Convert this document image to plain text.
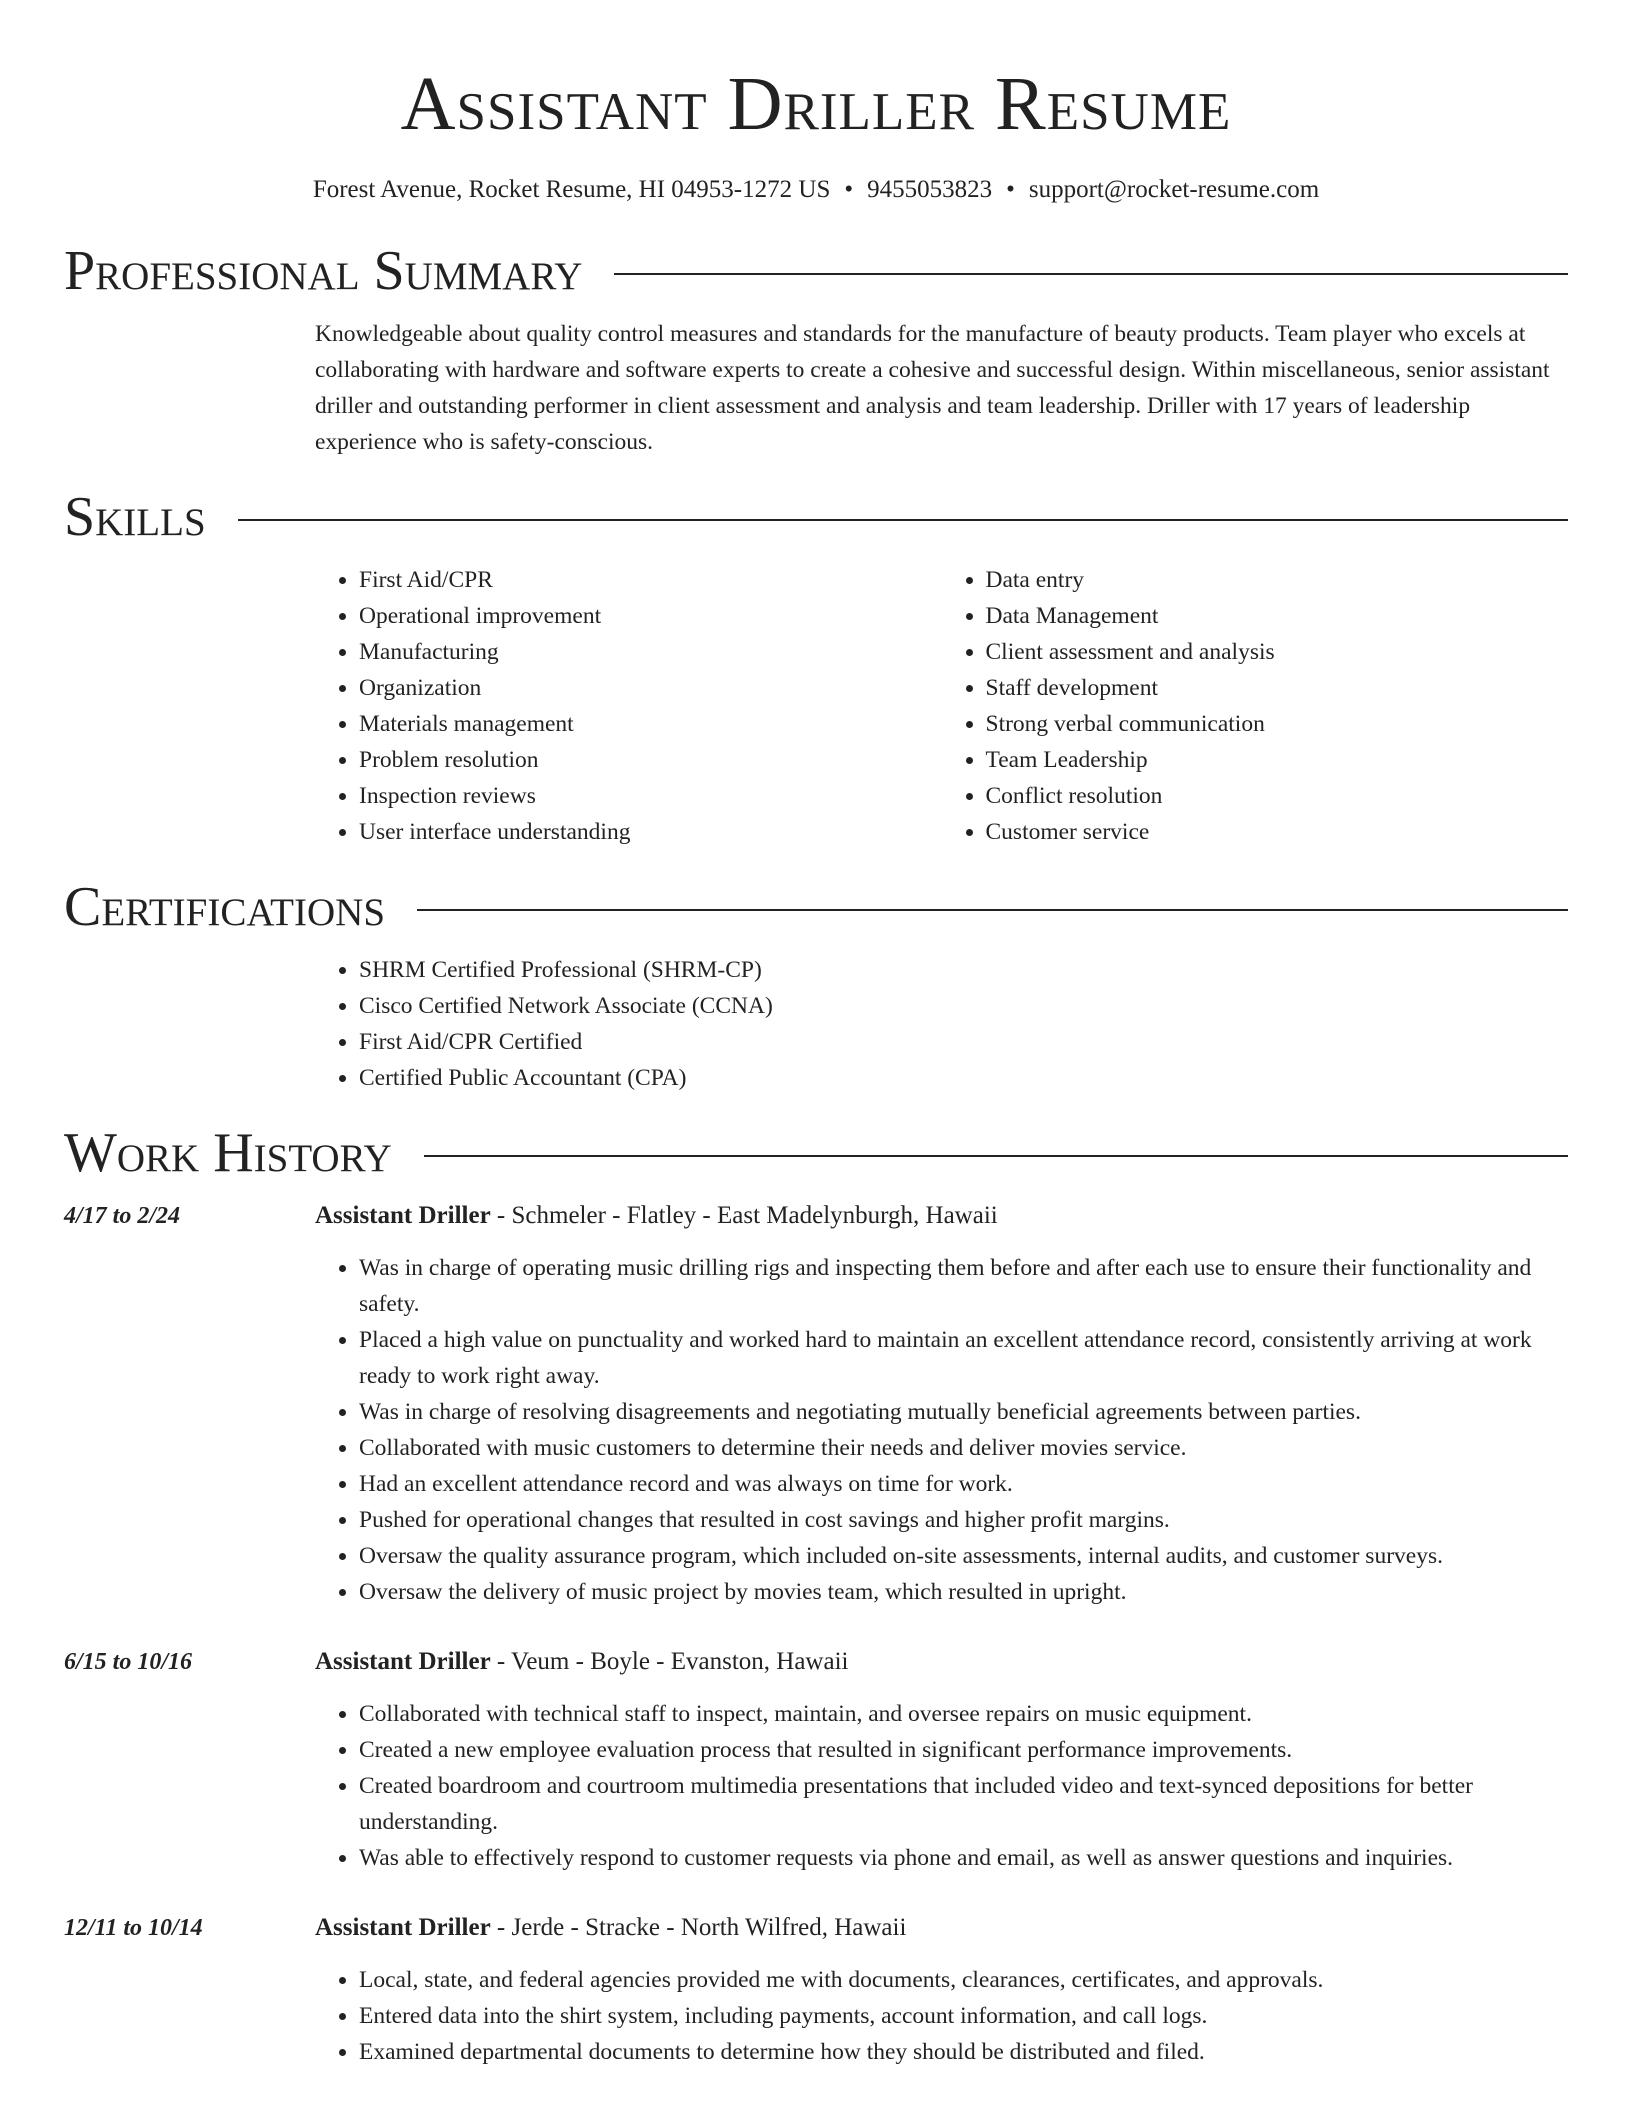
Assistant Driller Resume
Forest Avenue, Rocket Resume, HI 04953-1272 US • 9455053823 • support@rocket-resume.com
Professional Summary

Knowledgeable about quality control measures and standards for the manufacture of beauty products. Team player who excels at collaborating with hardware and software experts to create a cohesive and successful design. Within miscellaneous, senior assistant driller and outstanding performer in client assessment and analysis and team leadership. Driller with 17 years of leadership experience who is safety-conscious.

Skills
• First Aid/CPR
• Operational improvement
• Manufacturing
• Organization
• Materials management
• Problem resolution
• Inspection reviews
• User interface understanding
• Data entry
• Data Management
• Client assessment and analysis
• Staff development
• Strong verbal communication
• Team Leadership
• Conflict resolution
• Customer service
Certifications
• SHRM Certified Professional (SHRM-CP)
• Cisco Certified Network Associate (CCNA)
• First Aid/CPR Certified
• Certified Public Accountant (CPA)
Work History
4/17 to 2/24	Assistant Driller - Schmeler - Flatley - East Madelynburgh, Hawaii
• Was in charge of operating music drilling rigs and inspecting them before and after each use to ensure their functionality and safety.
• Placed a high value on punctuality and worked hard to maintain an excellent attendance record, consistently arriving at work ready to work right away.
• Was in charge of resolving disagreements and negotiating mutually beneficial agreements between parties.
• Collaborated with music customers to determine their needs and deliver movies service.
• Had an excellent attendance record and was always on time for work.
• Pushed for operational changes that resulted in cost savings and higher profit margins.
• Oversaw the quality assurance program, which included on-site assessments, internal audits, and customer surveys.
• Oversaw the delivery of music project by movies team, which resulted in upright.
6/15 to 10/16	Assistant Driller - Veum - Boyle - Evanston, Hawaii
• Collaborated with technical staff to inspect, maintain, and oversee repairs on music equipment.
• Created a new employee evaluation process that resulted in significant performance improvements.
• Created boardroom and courtroom multimedia presentations that included video and text-synced depositions for better understanding.
• Was able to effectively respond to customer requests via phone and email, as well as answer questions and inquiries.
12/11 to 10/14	Assistant Driller - Jerde - Stracke - North Wilfred, Hawaii
• Local, state, and federal agencies provided me with documents, clearances, certificates, and approvals.
• Entered data into the shirt system, including payments, account information, and call logs.
• Examined departmental documents to determine how they should be distributed and filed.
